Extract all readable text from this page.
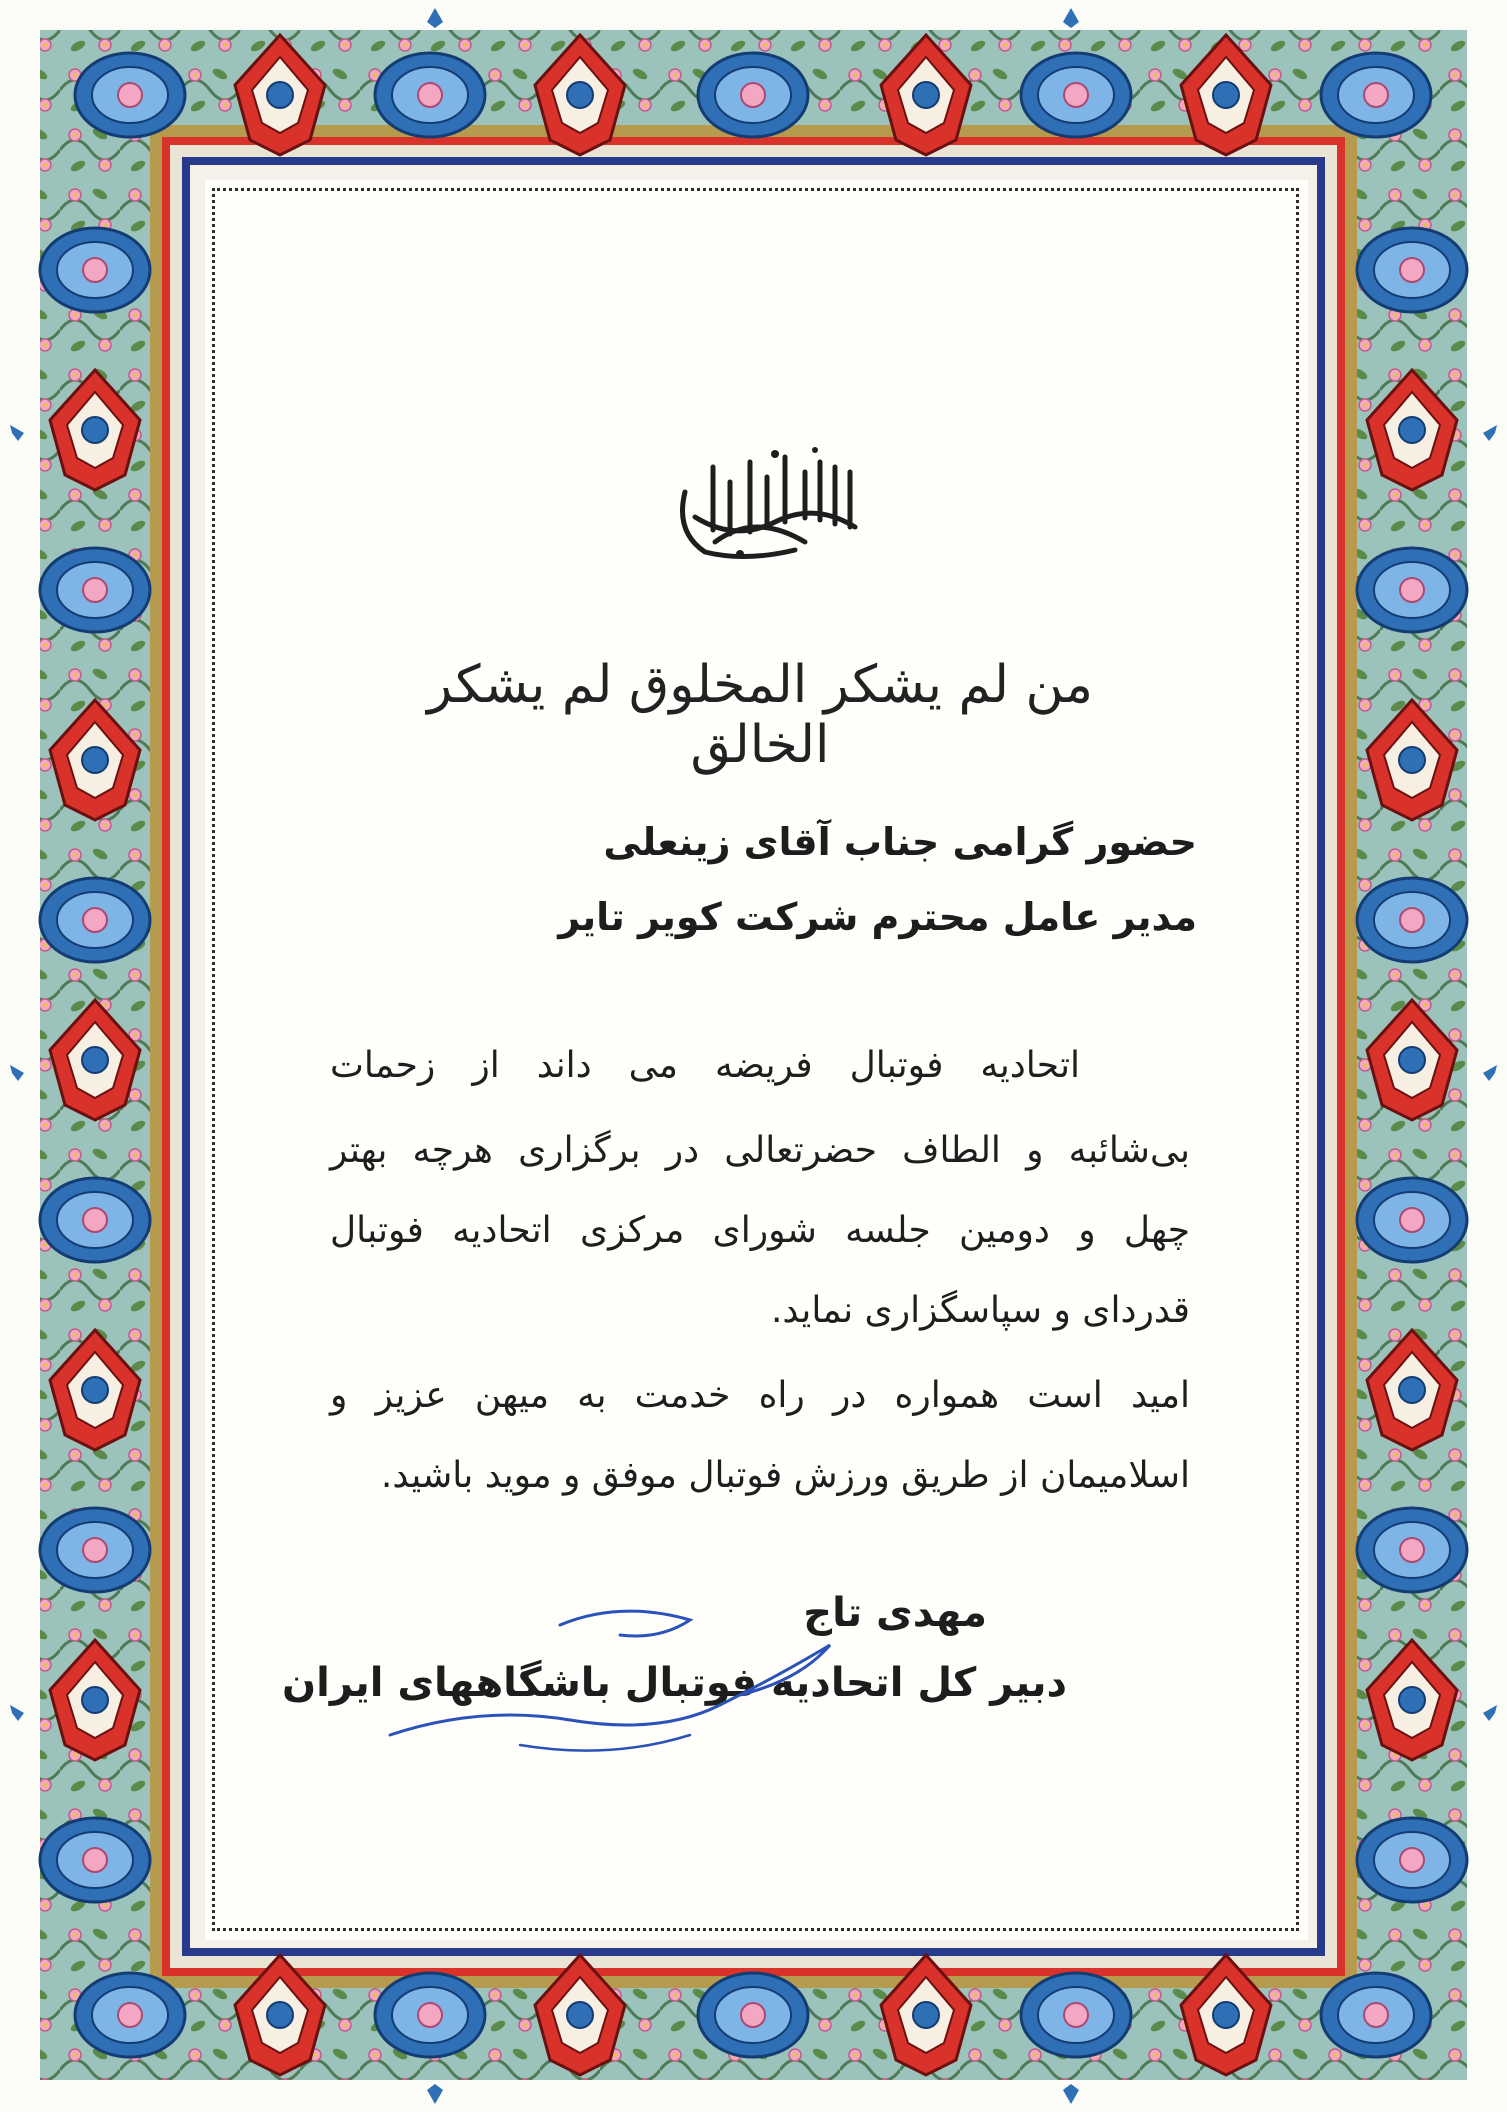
من لم یشکر المخلوق لم یشکر الخالق
حضور گرامی جناب آقای زینعلی
مدیر عامل محترم شرکت کویر تایر
اتحادیه فوتبال فریضه می داند از زحمات
بی‌شائبه و الطاف حضرتعالی در برگزاری هرچه بهتر
چهل و دومین جلسه شورای مرکزی اتحادیه فوتبال
قدردای و سپاسگزاری نماید.
امید است همواره در راه خدمت به میهن عزیز و
اسلامیمان از طریق ورزش فوتبال موفق و موید باشید.
مهدی تاج
دبیر کل اتحادیه فوتبال باشگاههای ایران
